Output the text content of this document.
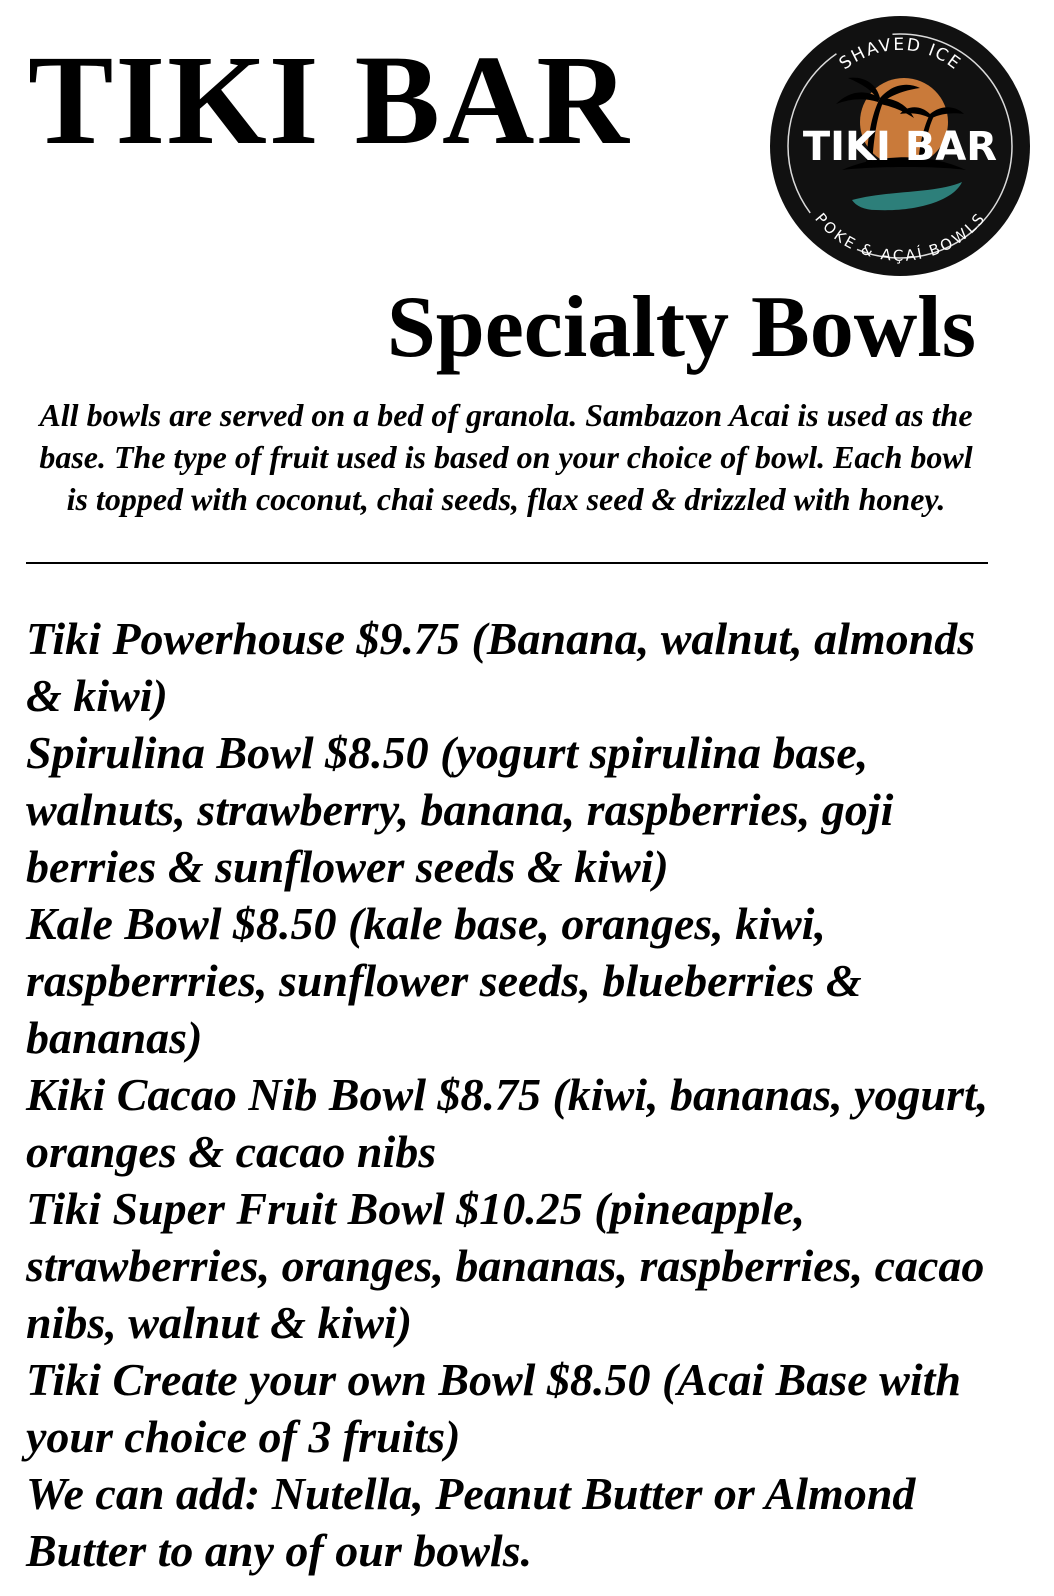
TIKI BAR	SHAVED ICE
TIKI BAR
POKE & AÇAÍ BOWLS
Specialty Bowls

All bowls are served on a bed of granola. Sambazon Acai is used as the base. The type of fruit used is based on your choice of bowl. Each bowl is topped with coconut, chai seeds, flax seed & drizzled with honey.

Tiki Powerhouse $9.75 (Banana, walnut, almonds & kiwi)
Spirulina Bowl $8.50 (yogurt spirulina base, walnuts, strawberry, banana, raspberries, goji berries & sunflower seeds & kiwi)
Kale Bowl $8.50 (kale base, oranges, kiwi, raspberrries, sunflower seeds, blueberries & bananas)
Kiki Cacao Nib Bowl $8.75 (kiwi, bananas, yogurt, oranges & cacao nibs
Tiki Super Fruit Bowl $10.25 (pineapple, strawberries, oranges, bananas, raspberries, cacao nibs, walnut & kiwi)
Tiki Create your own Bowl $8.50 (Acai Base with your choice of 3 fruits)
We can add: Nutella, Peanut Butter or Almond Butter to any of our bowls.
